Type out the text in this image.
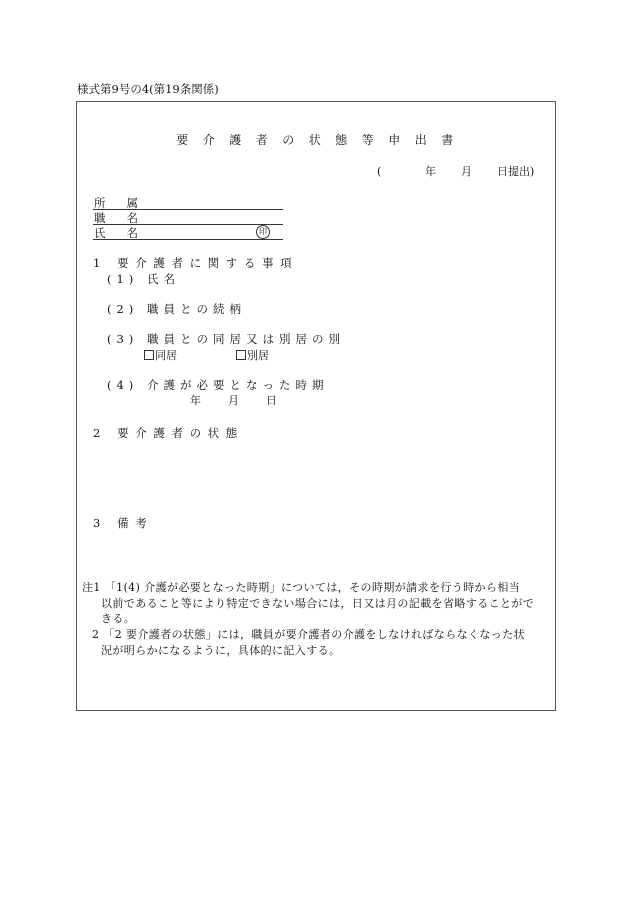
様式第9号の4(第19条関係)
要介護者の状態等申出書
(	年 月 日提出)
所属
職名
氏名	印
1 要介護者に関する事項
(1) 氏名
(2) 職員との続柄
(3) 職員との同居又は別居の別
同居	別居
(4) 介護が必要となった時期
年 月 日
2 要介護者の状態
3 備考
注1 「1(4) 介護が必要となった時期」については，その時期が請求を行う時から相当
以前であること等により特定できない場合には，日又は月の記載を省略することがで
きる。
2 「2 要介護者の状態」には，職員が要介護者の介護をしなければならなくなった状
況が明らかになるように，具体的に記入する。
